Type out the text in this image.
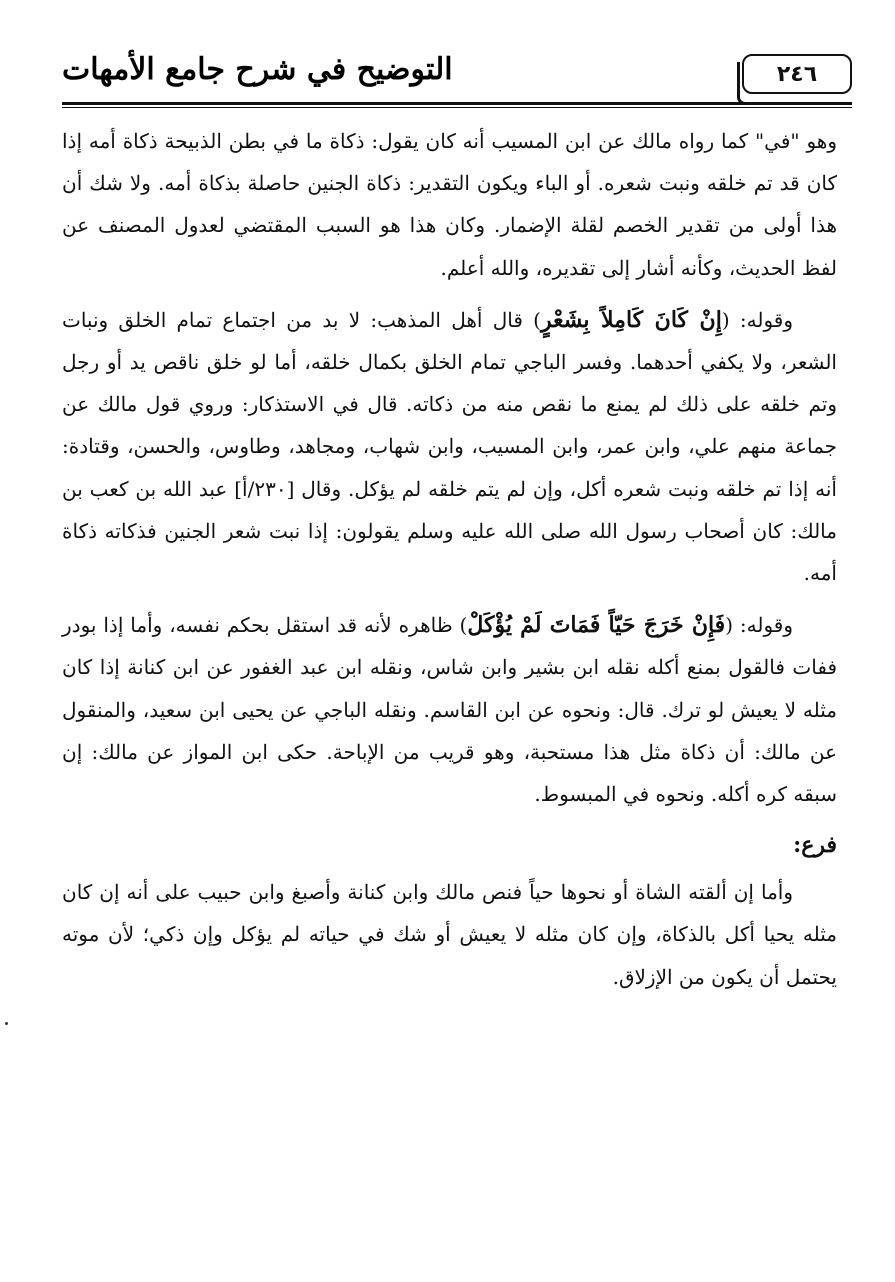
التوضيح في شرح جامع الأمهات	٢٤٦

وهو "في" كما رواه مالك عن ابن المسيب أنه كان يقول: ذكاة ما في بطن الذبيحة ذكاة أمه إذا كان قد تم خلقه ونبت شعره. أو الباء ويكون التقدير: ذكاة الجنين حاصلة بذكاة أمه. ولا شك أن هذا أولى من تقدير الخصم لقلة الإضمار. وكان هذا هو السبب المقتضي لعدول المصنف عن لفظ الحديث، وكأنه أشار إلى تقديره، والله أعلم.

وقوله: (إِنْ كَانَ كَامِلاً بِشَعْرٍ) قال أهل المذهب: لا بد من اجتماع تمام الخلق ونبات الشعر، ولا يكفي أحدهما. وفسر الباجي تمام الخلق بكمال خلقه، أما لو خلق ناقص يد أو رجل وتم خلقه على ذلك لم يمنع ما نقص منه من ذكاته. قال في الاستذكار: وروي قول مالك عن جماعة منهم علي، وابن عمر، وابن المسيب، وابن شهاب، ومجاهد، وطاوس، والحسن، وقتادة: أنه إذا تم خلقه ونبت شعره أكل، وإن لم يتم خلقه لم يؤكل. وقال [٢٣٠/أ] عبد الله بن كعب بن مالك: كان أصحاب رسول الله صلى الله عليه وسلم يقولون: إذا نبت شعر الجنين فذكاته ذكاة أمه.

وقوله: (فَإِنْ خَرَجَ حَيّاً فَمَاتَ لَمْ يُؤْكَلْ) ظاهره لأنه قد استقل بحكم نفسه، وأما إذا بودر ففات فالقول بمنع أكله نقله ابن بشير وابن شاس، ونقله ابن عبد الغفور عن ابن كنانة إذا كان مثله لا يعيش لو ترك. قال: ونحوه عن ابن القاسم. ونقله الباجي عن يحيى ابن سعيد، والمنقول عن مالك: أن ذكاة مثل هذا مستحبة، وهو قريب من الإباحة. حكى ابن المواز عن مالك: إن سبقه كره أكله. ونحوه في المبسوط.

فرع:

وأما إن ألقته الشاة أو نحوها حياً فنص مالك وابن كنانة وأصبغ وابن حبيب على أنه إن كان مثله يحيا أكل بالذكاة، وإن كان مثله لا يعيش أو شك في حياته لم يؤكل وإن ذكي؛ لأن موته يحتمل أن يكون من الإزلاق.
